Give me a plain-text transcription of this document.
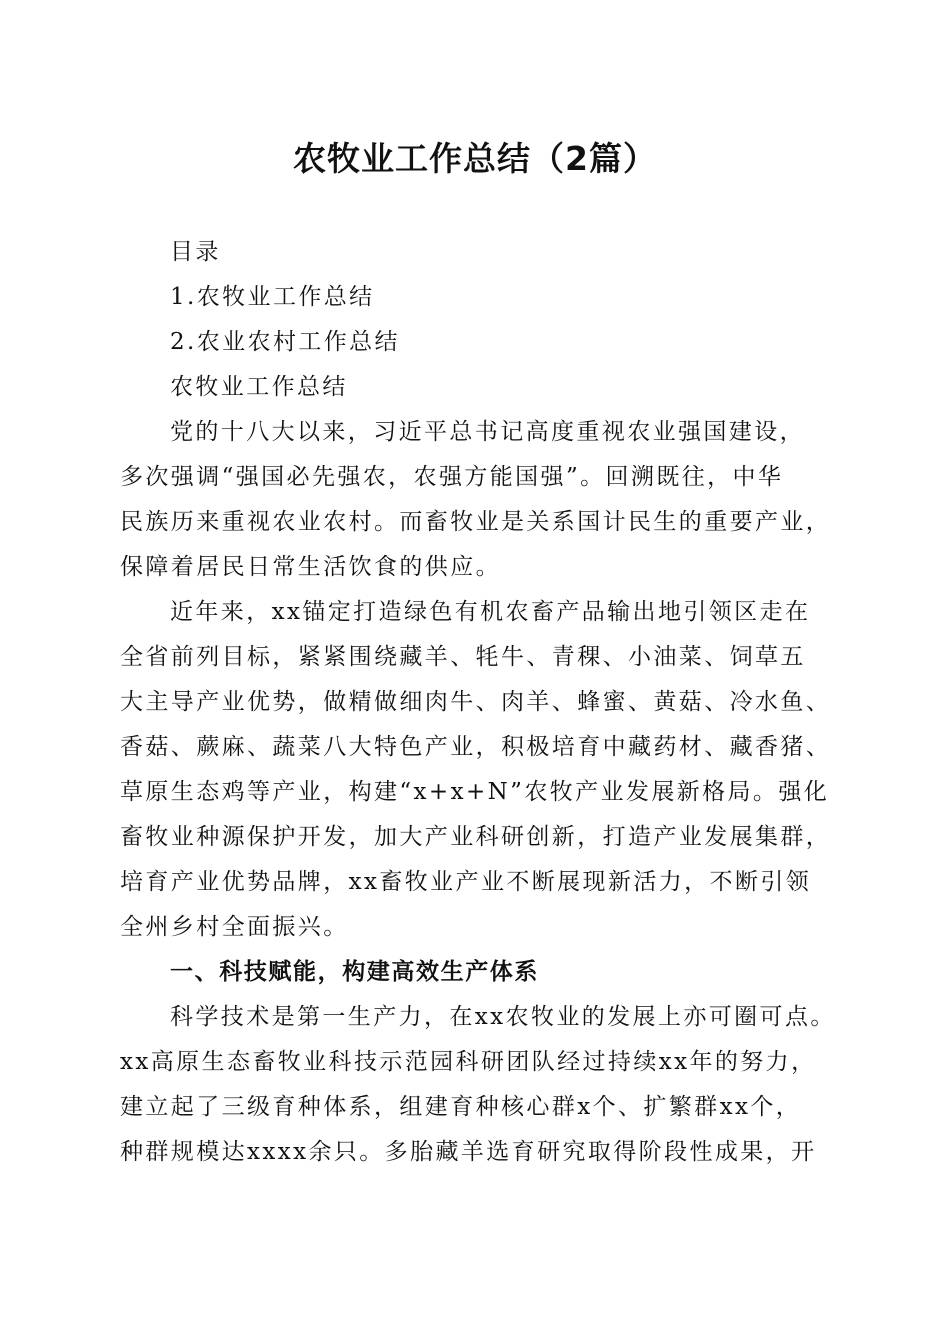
农牧业工作总结（2篇）

目录

1.农牧业工作总结

2.农业农村工作总结

农牧业工作总结

党的十八大以来，习近平总书记高度重视农业强国建设，

多次强调“强国必先强农，农强方能国强”。回溯既往，中华

民族历来重视农业农村。而畜牧业是关系国计民生的重要产业，

保障着居民日常生活饮食的供应。

近年来，xx锚定打造绿色有机农畜产品输出地引领区走在

全省前列目标，紧紧围绕藏羊、牦牛、青稞、小油菜、饲草五

大主导产业优势，做精做细肉牛、肉羊、蜂蜜、黄菇、冷水鱼、

香菇、蕨麻、蔬菜八大特色产业，积极培育中藏药材、藏香猪、

草原生态鸡等产业，构建“x+x+N”农牧产业发展新格局。强化

畜牧业种源保护开发，加大产业科研创新，打造产业发展集群，

培育产业优势品牌，xx畜牧业产业不断展现新活力，不断引领

全州乡村全面振兴。

一、科技赋能，构建高效生产体系

科学技术是第一生产力，在xx农牧业的发展上亦可圈可点。

xx高原生态畜牧业科技示范园科研团队经过持续xx年的努力，

建立起了三级育种体系，组建育种核心群x个、扩繁群xx个，

种群规模达xxxx余只。多胎藏羊选育研究取得阶段性成果，开
